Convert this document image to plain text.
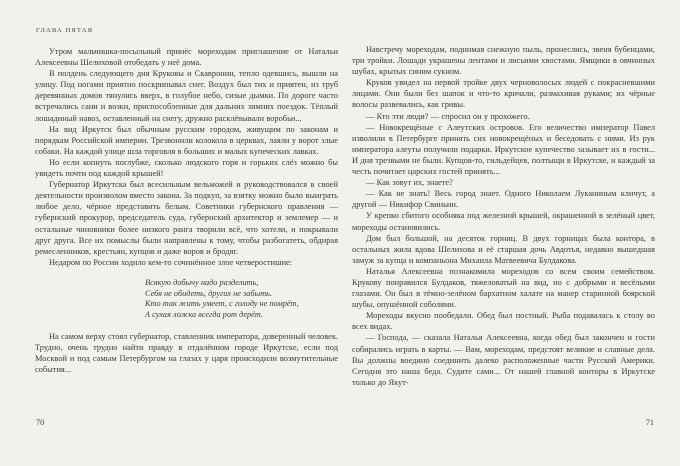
ГЛАВА ПЯТАЯ

Утром мальчишка-посыльный принёс мореходам приглашение от Натальи Алексеевны Шелиховой отобедать у неё дома.

В полдень следующего дня Круковы и Скавронин, тепло одевшись, вышли на улицу. Под ногами приятно поскрипывал снег. Воздух был тих и приятен, из труб деревянных домов тянулись вверх, в голубое небо, сизые дымки. По дороге часто встречались сани и возки, приспособленные для дальних зимних поездок. Тёплый лошадиный навоз, оставленный на снегу, дружно расклёвывали воробьи...

На вид Иркутск был обычным русским городом, живущим по законам и порядкам Российской империи. Трезвонили колокола в церквах, лаяли у ворот злые собаки. На каждой улице шла торговля в больших и малых купеческих лавках.

Но если копнуть поглубже, сколько людского горя и горьких слёз можно бы увидеть почти под каждой крышей!

Губернатор Иркутска был всесильным вельможей и руководствовался в своей деятельности произволом вместо закона. За подкуп, за взятку можно было выиграть любое дело, чёрное представить белым. Советники губернского правления — губернский прокурор, председатель суда, губернский архитектор и землемер — и остальные чиновники более низкого ранга творили всё, что хотели, и покрывали друг друга. Все их помыслы были направлены к тому, чтобы разбогатеть, обдирая ремесленников, крестьян, купцов и даже воров и бродяг.

Недаром по России ходило кем-то сочинённое злое четверостишие:

Всякую добычу надо разделить,
Себя не обидеть, других не забыть.
Кто так жить умеет, с голоду не помрёт,
А сухая ложка всегда рот дерёт.

На самом верху стоял губернатор, ставленник императора, доверенный человек. Трудно, очень трудно найти правду в отдалённом городе Иркутске, если под Москвой и под самым Петербургом на глазах у царя происходили возмутительные события...

Навстречу мореходам, поднимая снежную пыль, пронеслись, звеня бубенцами, три тройки. Лошади украшены лентами и лисьими хвостами. Ямщики в овчинных шубах, крытых синим сукном.

Круков увидел на первой тройке двух черноволосых людей с покрасневшими лицами. Они были без шапок и что-то кричали, размахивая руками; их чёрные волосы развевались, как гривы.

— Кто эти люди? — спросил он у прохожего.

— Новокрещёные с Алеутских островов. Его величество император Павел изволили в Петербурге принять сих новокрещёных и беседовать с ними. Из рук императора алеуты получили подарки. Иркутское купечество зазывает их в гости... И дня трезвыми не были. Купцов-то, гильдейцев, полтыщи в Иркутске, и каждый за честь почитает царских гостей принять...

— Как зовут их, знаете?

— Как не знать! Весь город знает. Одного Николаем Луканиным кличут, а другой — Никифор Свиньин.

У крепко сбитого особняка под железной крышей, окрашенной в зелёный цвет, мореходы остановились.

Дом был большой, на десяток горниц. В двух горницах была контора, в остальных жила вдова Шелихова и её старшая дочь Авдотья, недавно вышедшая замуж за купца и компаньона Михаила Матвеевича Булдакова.

Наталья Алексеевна познакомила мореходов со всем своим семейством. Крукову понравился Булдаков, тяжеловатый на вид, но с добрыми и весёлыми глазами. Он был в тёмно-зелёном бархатном халате на манер старинной боярской шубы, опушённой соболями.

Мореходы вкусно пообедали. Обед был постный. Рыба подавалась к столу во всех видах.

— Господа, — сказала Наталья Алексеевна, когда обед был закончен и гости собирались играть в карты. — Вам, мореходам, предстоят великие и славные дела. Вы должны воедино соединить далеко расположенные части Русской Америки. Сегодня это наша беда. Судите сами... От нашей главной конторы в Иркутске только до Якут-

70	71
